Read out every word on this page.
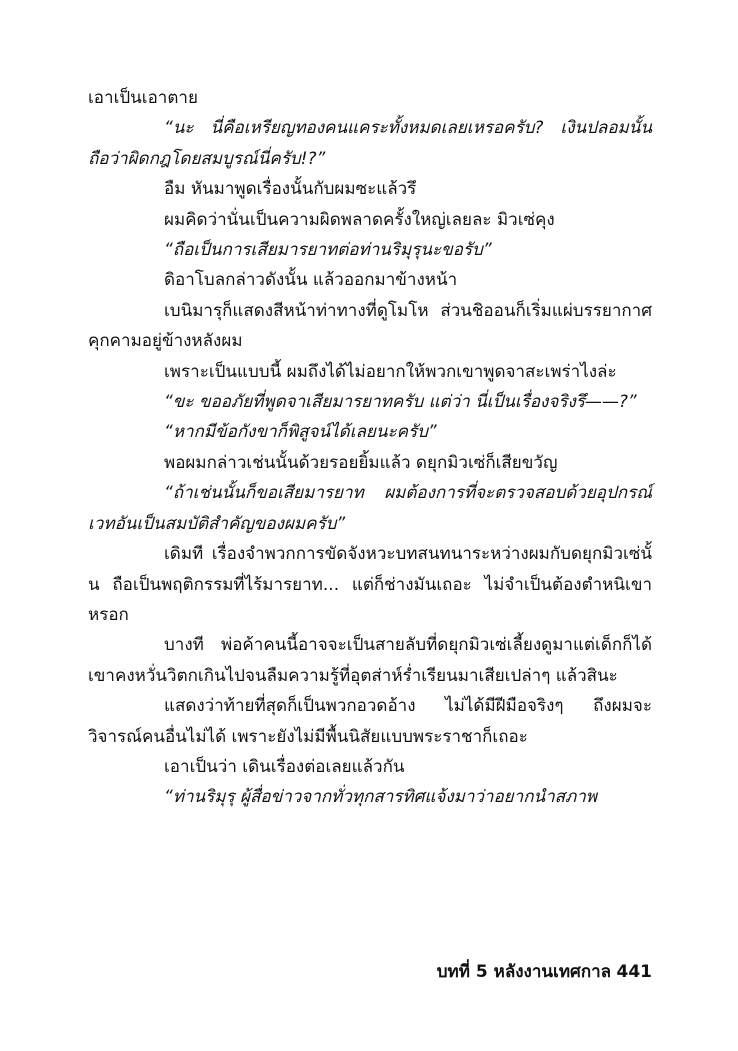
เอาเป็นเอาตาย

“นะ นี่คือเหรียญทองคนแคระทั้งหมดเลยเหรอครับ? เงินปลอมนั้นถือว่าผิดกฎโดยสมบูรณ์นี่ครับ!?”

อืม หันมาพูดเรื่องนั้นกับผมซะแล้วรึ

ผมคิดว่านั่นเป็นความผิดพลาดครั้งใหญ่เลยละ มิวเซ่คุง

“ถือเป็นการเสียมารยาทต่อท่านริมุรุนะขอรับ”

ดิอาโบลกล่าวดังนั้น แล้วออกมาข้างหน้า

เบนิมารุก็แสดงสีหน้าท่าทางที่ดูโมโห ส่วนชิออนก็เริ่มแผ่บรรยากาศคุกคามอยู่ข้างหลังผม

เพราะเป็นแบบนี้ ผมถึงได้ไม่อยากให้พวกเขาพูดจาสะเพร่าไงล่ะ

“ขะ ขออภัยที่พูดจาเสียมารยาทครับ แต่ว่า นี่เป็นเรื่องจริงรึ——?”

“หากมีข้อกังขาก็พิสูจน์ได้เลยนะครับ”

พอผมกล่าวเช่นนั้นด้วยรอยยิ้มแล้ว ดยุกมิวเซ่ก็เสียขวัญ

“ถ้าเช่นนั้นก็ขอเสียมารยาท ผมต้องการที่จะตรวจสอบด้วยอุปกรณ์เวทอันเป็นสมบัติสำคัญของผมครับ”

เดิมที เรื่องจำพวกการขัดจังหวะบทสนทนาระหว่างผมกับดยุกมิวเซ่นั้น ถือเป็นพฤติกรรมที่ไร้มารยาท... แต่ก็ช่างมันเถอะ ไม่จำเป็นต้องตำหนิเขาหรอก

บางที พ่อค้าคนนี้อาจจะเป็นสายลับที่ดยุกมิวเซ่เลี้ยงดูมาแต่เด็กก็ได้ เขาคงหวั่นวิตกเกินไปจนลืมความรู้ที่อุตส่าห์ร่ำเรียนมาเสียเปล่าๆ แล้วสินะ

แสดงว่าท้ายที่สุดก็เป็นพวกอวดอ้าง ไม่ได้มีฝีมือจริงๆ ถึงผมจะวิจารณ์คนอื่นไม่ได้ เพราะยังไม่มีพื้นนิสัยแบบพระราชาก็เถอะ

เอาเป็นว่า เดินเรื่องต่อเลยแล้วกัน

“ท่านริมุรุ ผู้สื่อข่าวจากทั่วทุกสารทิศแจ้งมาว่าอยากนำสภาพ

บทที่ 5 หลังงานเทศกาล 441
